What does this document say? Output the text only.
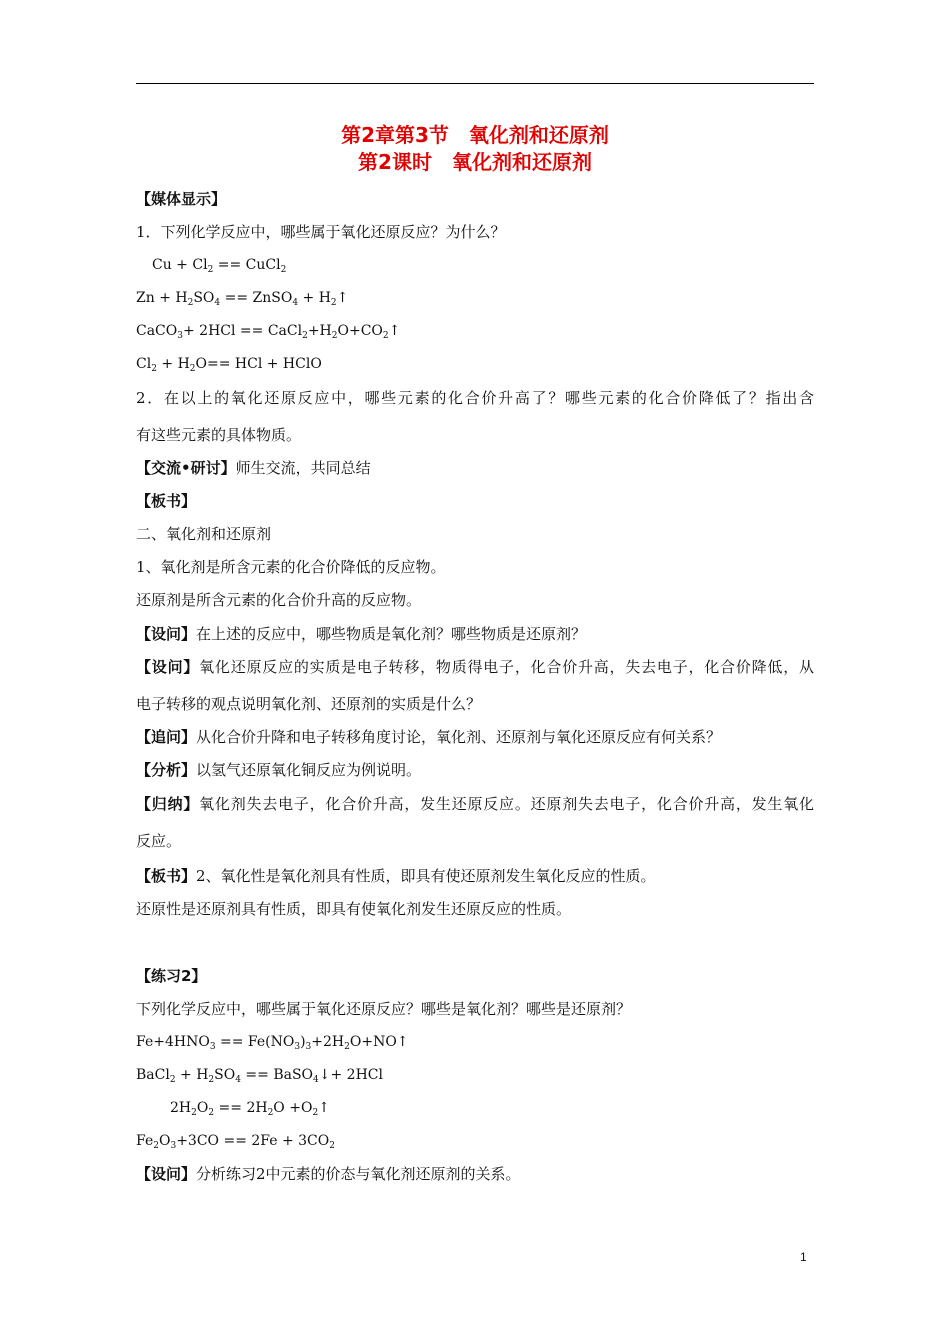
第2章第3节　氧化剂和还原剂
第2课时　氧化剂和还原剂
【媒体显示】
1．下列化学反应中，哪些属于氧化还原反应？为什么？
$Cu + Cl_2$ == CuCl$_2$
$Zn + H_2SO_4$ == ZnSO$_4$ + $H_2↑$
CaCO$_3$+ $2HCl == CaCl_2+H_2O+CO_2↑$
$Cl_2 + H_2O==$ HCl + HClO
2．在以上的氧化还原反应中，哪些元素的化合价升高了？哪些元素的化合价降低了？指出含
有这些元素的具体物质。
【交流•研讨】师生交流，共同总结
【板书】
二、氧化剂和还原剂
1、氧化剂是所含元素的化合价降低的反应物。
还原剂是所含元素的化合价升高的反应物。
【设问】在上述的反应中，哪些物质是氧化剂？哪些物质是还原剂？
【设问】氧化还原反应的实质是电子转移，物质得电子，化合价升高，失去电子，化合价降低，从
电子转移的观点说明氧化剂、还原剂的实质是什么？
【追问】从化合价升降和电子转移角度讨论，氧化剂、还原剂与氧化还原反应有何关系？
【分析】以氢气还原氧化铜反应为例说明。
【归纳】氧化剂失去电子，化合价升高，发生还原反应。还原剂失去电子，化合价升高，发生氧化
反应。
【板书】2、氧化性是氧化剂具有性质，即具有使还原剂发生氧化反应的性质。
还原性是还原剂具有性质，即具有使氧化剂发生还原反应的性质。
【练习2】
下列化学反应中，哪些属于氧化还原反应？哪些是氧化剂？哪些是还原剂？
$Fe+4HNO_3$ == $Fe(NO_3)_3+2H_2O+NO↑$
BaCl$_2$ + $H_2SO_4$ == BaSO$_4$↓+ 2HCl
$2H_2O_2 == 2H_2O$ $+O_2↑$
$Fe_2O_3+3CO == 2Fe + 3CO_2$
【设问】分析练习2中元素的价态与氧化剂还原剂的关系。
1
